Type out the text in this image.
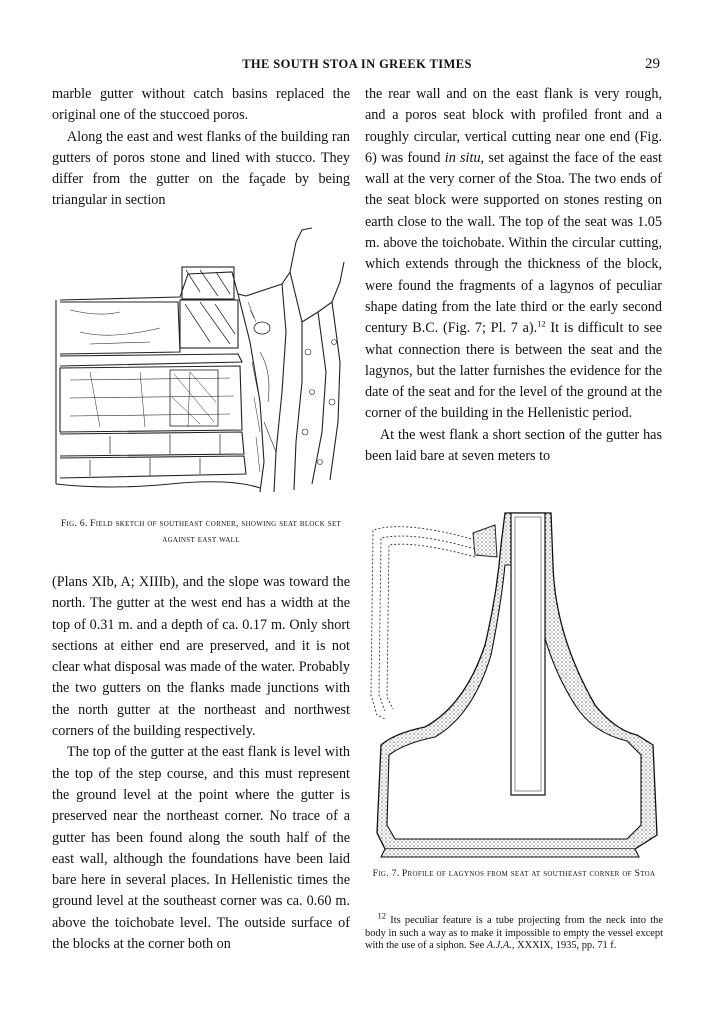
THE SOUTH STOA IN GREEK TIMES	29

marble gutter without catch basins replaced the original one of the stuccoed poros.

Along the east and west flanks of the building ran gutters of poros stone and lined with stucco. They differ from the gutter on the façade by being triangular in section

Fig. 6. Field sketch of southeast corner, showing seat block set against east wall

(Plans XIb, A; XIIIb), and the slope was toward the north. The gutter at the west end has a width at the top of 0.31 m. and a depth of ca. 0.17 m. Only short sections at either end are preserved, and it is not clear what disposal was made of the water. Probably the two gutters on the flanks made junctions with the north gutter at the northeast and northwest corners of the building respectively.

The top of the gutter at the east flank is level with the top of the step course, and this must represent the ground level at the point where the gutter is preserved near the northeast corner. No trace of a gutter has been found along the south half of the east wall, although the foundations have been laid bare here in several places. In Hellenistic times the ground level at the southeast corner was ca. 0.60 m. above the toichobate level. The outside surface of the blocks at the corner both on

the rear wall and on the east flank is very rough, and a poros seat block with profiled front and a roughly circular, vertical cutting near one end (Fig. 6) was found in situ, set against the face of the east wall at the very corner of the Stoa. The two ends of the seat block were supported on stones resting on earth close to the wall. The top of the seat was 1.05 m. above the toichobate. Within the circular cutting, which extends through the thickness of the block, were found the fragments of a lagynos of peculiar shape dating from the late third or the early second century B.C. (Fig. 7; Pl. 7 a).$^{12}$ It is difficult to see what connection there is between the seat and the lagynos, but the latter furnishes the evidence for the date of the seat and for the level of the ground at the corner of the building in the Hellenistic period.

At the west flank a short section of the gutter has been laid bare at seven meters to

Fig. 7. Profile of lagynos from seat at southeast corner of Stoa

$^{12}$ Its peculiar feature is a tube projecting from the neck into the body in such a way as to make it impossible to empty the vessel except with the use of a siphon. See A.J.A., XXXIX, 1935, pp. 71 f.
